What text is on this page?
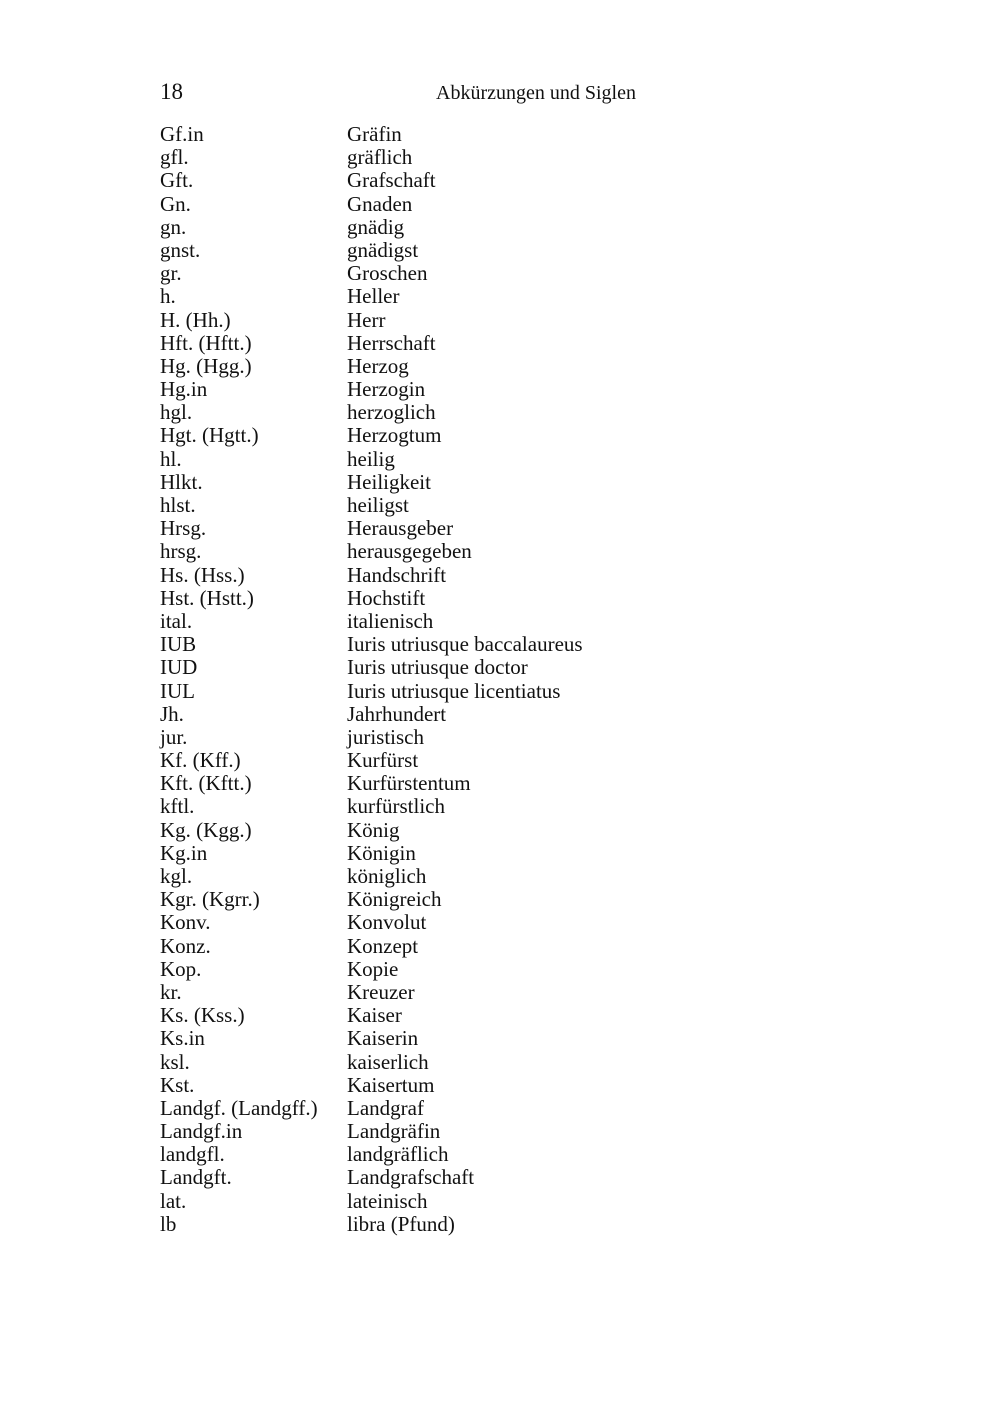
18	Abkürzungen und Siglen
Gf.in	Gräfin
gfl.	gräflich
Gft.	Grafschaft
Gn.	Gnaden
gn.	gnädig
gnst.	gnädigst
gr.	Groschen
h.	Heller
H. (Hh.)	Herr
Hft. (Hftt.)	Herrschaft
Hg. (Hgg.)	Herzog
Hg.in	Herzogin
hgl.	herzoglich
Hgt. (Hgtt.)	Herzogtum
hl.	heilig
Hlkt.	Heiligkeit
hlst.	heiligst
Hrsg.	Herausgeber
hrsg.	herausgegeben
Hs. (Hss.)	Handschrift
Hst. (Hstt.)	Hochstift
ital.	italienisch
IUB	Iuris utriusque baccalaureus
IUD	Iuris utriusque doctor
IUL	Iuris utriusque licentiatus
Jh.	Jahrhundert
jur.	juristisch
Kf. (Kff.)	Kurfürst
Kft. (Kftt.)	Kurfürstentum
kftl.	kurfürstlich
Kg. (Kgg.)	König
Kg.in	Königin
kgl.	königlich
Kgr. (Kgrr.)	Königreich
Konv.	Konvolut
Konz.	Konzept
Kop.	Kopie
kr.	Kreuzer
Ks. (Kss.)	Kaiser
Ks.in	Kaiserin
ksl.	kaiserlich
Kst.	Kaisertum
Landgf. (Landgff.)	Landgraf
Landgf.in	Landgräfin
landgfl.	landgräflich
Landgft.	Landgrafschaft
lat.	lateinisch
lb	libra (Pfund)
